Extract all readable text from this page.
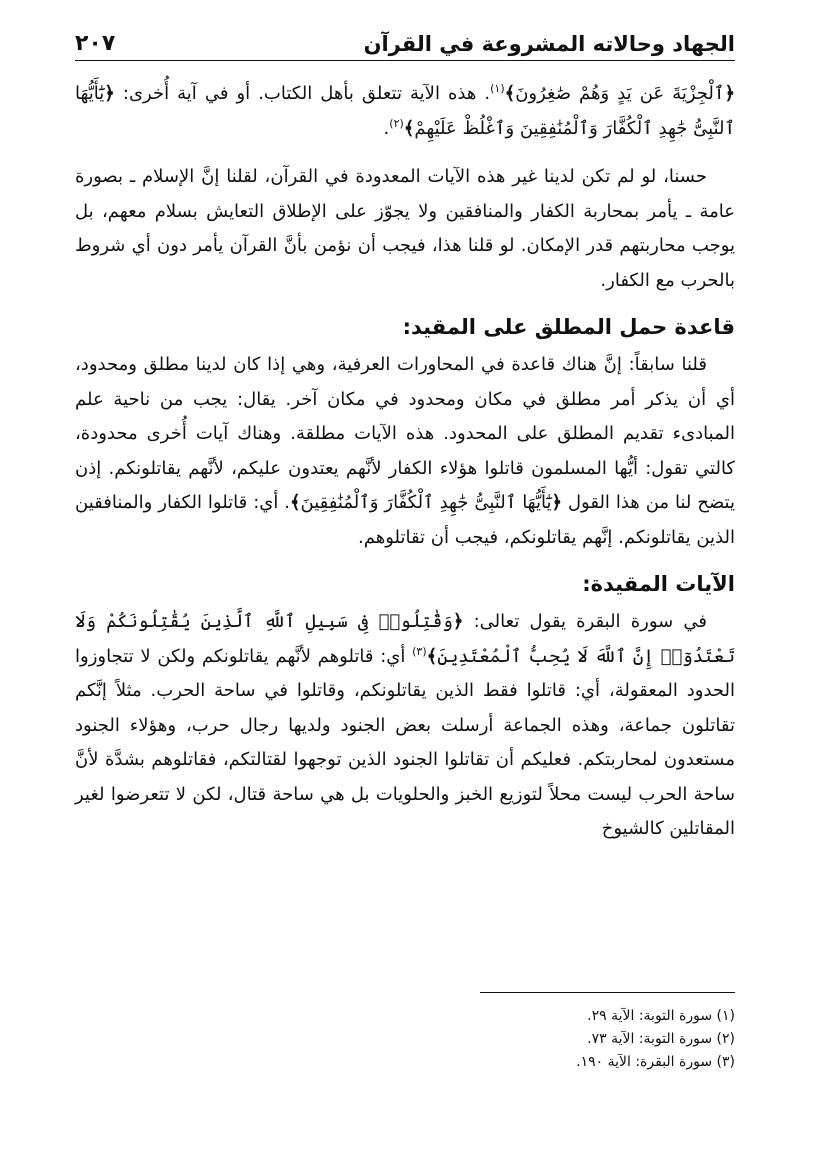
الجهاد وحالاته المشروعة في القرآن
٢٠٧

﴿ٱلْجِزْيَةَ عَن يَدٍ وَهُمْ صَٰغِرُونَ﴾$^{(١)}$. هذه الآية تتعلق بأهل الكتاب. أو في آية أُخرى: ﴿يَٰٓأَيُّهَا ٱلنَّبِىُّ جَٰهِدِ ٱلْكُفَّارَ وَٱلْمُنَٰفِقِينَ وَٱغْلُظْ عَلَيْهِمْ﴾$^{(٢)}$.

حسنا، لو لم تكن لدينا غير هذه الآيات المعدودة في القرآن، لقلنا إنَّ الإسلام ـ بصورة عامة ـ يأمر بمحاربة الكفار والمنافقين ولا يجوّز على الإطلاق التعايش بسلام معهم، بل يوجب محاربتهم قدر الإمكان. لو قلنا هذا، فيجب أن نؤمن بأنَّ القرآن يأمر دون أي شروط بالحرب مع الكفار.

قاعدة حمل المطلق على المقيد:

قلنا سابقاً: إنَّ هناك قاعدة في المحاورات العرفية، وهي إذا كان لدينا مطلق ومحدود، أي أن يذكر أمر مطلق في مكان ومحدود في مكان آخر. يقال: يجب من ناحية علم المبادىء تقديم المطلق على المحدود. هذه الآيات مطلقة. وهناك آيات أُخرى محدودة، كالتي تقول: أيُّها المسلمون قاتلوا هؤلاء الكفار لأنَّهم يعتدون عليكم، لأنَّهم يقاتلونكم. إذن يتضح لنا من هذا القول ﴿يَٰٓأَيُّهَا ٱلنَّبِىُّ جَٰهِدِ ٱلْكُفَّارَ وَٱلْمُنَٰفِقِينَ﴾. أي: قاتلوا الكفار والمنافقين الذين يقاتلونكم. إنَّهم يقاتلونكم، فيجب أن تقاتلوهم.

الآيات المقيدة:

في سورة البقرة يقول تعالى: ﴿وَقَٰتِلُوا۟ فِى سَبِيلِ ٱللَّهِ ٱلَّذِينَ يُقَٰتِلُونَكُمْ وَلَا تَعْتَدُوٓا۟ إِنَّ ٱللَّهَ لَا يُحِبُّ ٱلْمُعْتَدِينَ﴾$^{(٣)}$ أي: قاتلوهم لأنَّهم يقاتلونكم ولكن لا تتجاوزوا الحدود المعقولة، أي: قاتلوا فقط الذين يقاتلونكم، وقاتلوا في ساحة الحرب. مثلاً إنَّكم تقاتلون جماعة، وهذه الجماعة أرسلت بعض الجنود ولديها رجال حرب، وهؤلاء الجنود مستعدون لمحاربتكم. فعليكم أن تقاتلوا الجنود الذين توجهوا لقتالتكم، فقاتلوهم بشدَّة لأنَّ ساحة الحرب ليست محلاً لتوزيع الخبز والحلويات بل هي ساحة قتال، لكن لا تتعرضوا لغير المقاتلين كالشيوخ

(١) سورة التوبة: الآية ٢٩.

(٢) سورة التوبة: الآية ٧٣.

(٣) سورة البقرة: الآية ١٩٠.
